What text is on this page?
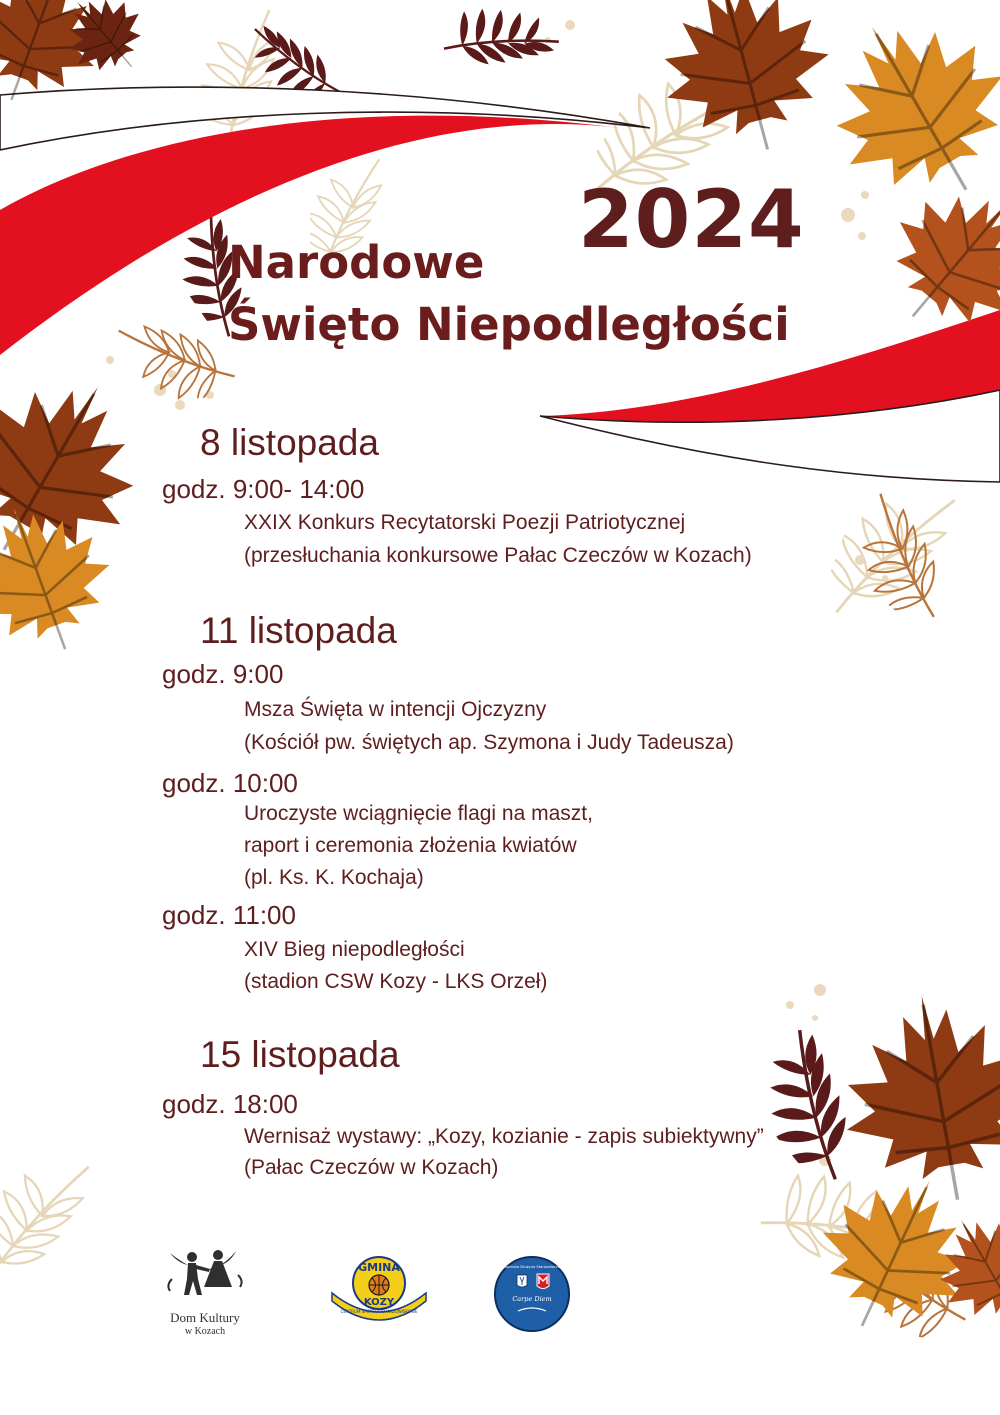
2024
Narodowe
Święto Niepodległości
8 listopada
godz. 9:00- 14:00
XXIX Konkurs Recytatorski Poezji Patriotycznej
(przesłuchania konkursowe Pałac Czeczów w Kozach)
11 listopada
godz. 9:00
Msza Święta w intencji Ojczyzny
(Kościół pw. świętych ap. Szymona i Judy Tadeusza)
godz. 10:00
Uroczyste wciągnięcie flagi na maszt,
raport i ceremonia złożenia kwiatów
(pl. Ks. K. Kochaja)
godz. 11:00
XIV Bieg niepodległości
(stadion CSW Kozy - LKS Orzeł)
15 listopada
godz. 18:00
Wernisaż wystawy: „Kozy, kozianie - zapis subiektywny”
(Pałac Czeczów w Kozach)
Dom Kultury
w Kozach
GMINA
KOZY
CENTRUM SPORTOWO-WIDOWISKOWE
73 Kozańska Drużyna Starszoharcerska
Carpe Diem
